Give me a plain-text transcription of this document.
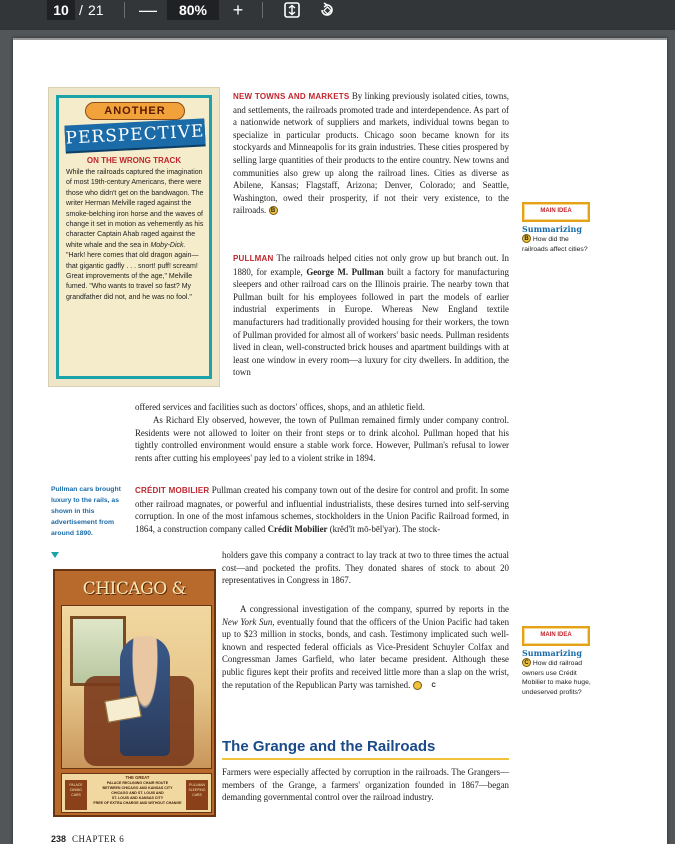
10 / 21 —	80%	+
ANOTHER
PERSPECTIVE
ON THE WRONG TRACK
While the railroads captured the imagination of most 19th-century Americans, there were those who didn't get on the bandwagon. The writer Herman Melville raged against the smoke-belching iron horse and the waves of change it set in motion as vehemently as his character Captain Ahab raged against the white whale and the sea in Moby-Dick. "Hark! here comes that old dragon again—that gigantic gadfly . . . snort! puff! scream! Great improvements of the age," Melville fumed. "Who wants to travel so fast? My grandfather did not, and he was no fool."
NEW TOWNS AND MARKETS By linking previously isolated cities, towns, and settlements, the railroads promoted trade and interdependence. As part of a nationwide network of suppliers and markets, individual towns began to specialize in particular products. Chicago soon became known for its stockyards and Minneapolis for its grain industries. These cities prospered by selling large quantities of their products to the entire country. New towns and communities also grew up along the railroad lines. Cities as diverse as Abilene, Kansas; Flagstaff, Arizona; Denver, Colorado; and Seattle, Washington, owed their prosperity, if not their very existence, to the railroads. B
PULLMAN The railroads helped cities not only grow up but branch out. In 1880, for example, George M. Pullman built a factory for manufacturing sleepers and other railroad cars on the Illinois prairie. The nearby town that Pullman built for his employees followed in part the models of earlier industrial experiments in Europe. Whereas New England textile manufacturers had traditionally provided housing for their workers, the town of Pullman provided for almost all of workers' basic needs. Pullman residents lived in clean, well-constructed brick houses and apartment buildings with at least one window in every room—a luxury for city dwellers. In addition, the town
offered services and facilities such as doctors' offices, shops, and an athletic field.
As Richard Ely observed, however, the town of Pullman remained firmly under company control. Residents were not allowed to loiter on their front steps or to drink alcohol. Pullman hoped that his tightly controlled environment would ensure a stable work force. However, Pullman's refusal to lower rents after cutting his employees' pay led to a violent strike in 1894.
CRÉDIT MOBILIER Pullman created his company town out of the desire for control and profit. In some other railroad magnates, or powerful and influential industrialists, these desires turned into self-serving corruption. In one of the most infamous schemes, stockholders in the Union Pacific Railroad formed, in 1864, a construction company called Crédit Mobilier (krĕd'ĭt mō-bēl'yər). The stock-
holders gave this company a contract to lay track at two to three times the actual cost—and pocketed the profits. They donated shares of stock to about 20 representatives in Congress in 1867.
A congressional investigation of the company, spurred by reports in the New York Sun, eventually found that the officers of the Union Pacific had taken up to $23 million in stocks, bonds, and cash. Testimony implicated such well-known and respected federal officials as Vice-President Schuyler Colfax and Congressman James Garfield, who later became president. Although these public figures kept their profits and received little more than a slap on the wrist, the reputation of the Republican Party was tarnished.	C
The Grange and the Railroads
Farmers were especially affected by corruption in the railroads. The Grangers—members of the Grange, a farmers' organization founded in 1867—began demanding governmental control over the railroad industry.
MAIN IDEA
Summarizing
B How did the railroads affect cities?
MAIN IDEA
Summarizing
C How did railroad owners use Crédit Mobilier to make huge, undeserved profits?
Pullman cars brought luxury to the rails, as shown in this advertisement from around 1890.
CHICAGO &
THE GREAT
PALACE DINING CARS
PALACE RECLINING CHAIR ROUTE
BETWEEN CHICAGO AND KANSAS CITY
CHICAGO AND ST. LOUIS AND
ST. LOUIS AND KANSAS CITY
FREE OF EXTRA CHARGE AND WITHOUT CHANGE
PULLMAN SLEEPING CARS
238 CHAPTER 6
